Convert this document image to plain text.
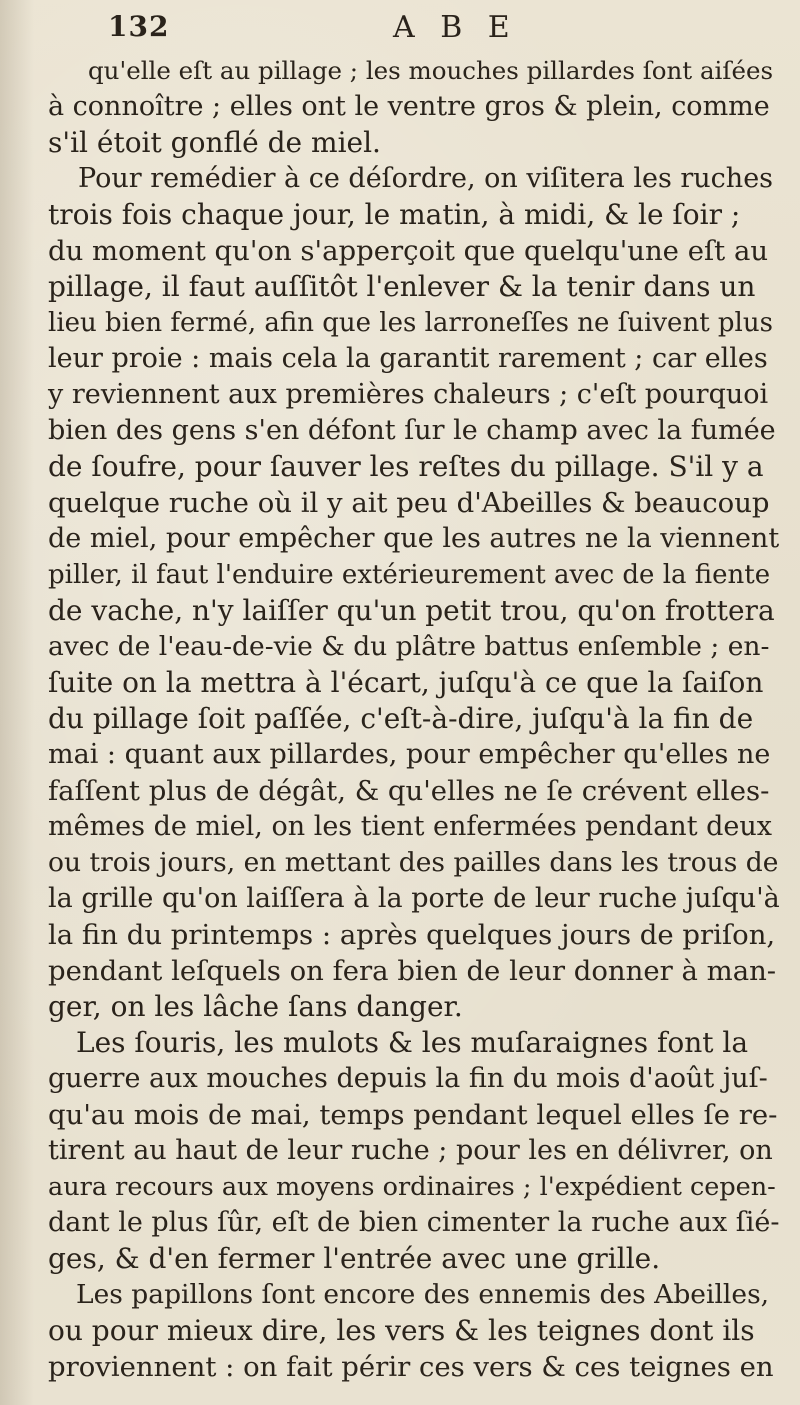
132	A B E
qu'elle eſt au pillage ; les mouches pillardes ſont aiſées
à connoître ; elles ont le ventre gros & plein, comme
s'il étoit gonflé de miel.
Pour remédier à ce déſordre, on viſitera les ruches
trois fois chaque jour, le matin, à midi, & le ſoir ;
du moment qu'on s'apperçoit que quelqu'une eſt au
pillage, il faut auſſitôt l'enlever & la tenir dans un
lieu bien fermé, afin que les larroneſſes ne ſuivent plus
leur proie : mais cela la garantit rarement ; car elles
y reviennent aux premières chaleurs ; c'eſt pourquoi
bien des gens s'en défont ſur le champ avec la fumée
de ſoufre, pour ſauver les reſtes du pillage. S'il y a
quelque ruche où il y ait peu d'Abeilles & beaucoup
de miel, pour empêcher que les autres ne la viennent
piller, il faut l'enduire extérieurement avec de la fiente
de vache, n'y laiſſer qu'un petit trou, qu'on frottera
avec de l'eau-de-vie & du plâtre battus enſemble ; en-
ſuite on la mettra à l'écart, juſqu'à ce que la ſaiſon
du pillage ſoit paſſée, c'eſt-à-dire, juſqu'à la fin de
mai : quant aux pillardes, pour empêcher qu'elles ne
faſſent plus de dégât, & qu'elles ne ſe crévent elles-
mêmes de miel, on les tient enfermées pendant deux
ou trois jours, en mettant des pailles dans les trous de
la grille qu'on laiſſera à la porte de leur ruche juſqu'à
la fin du printemps : après quelques jours de priſon,
pendant leſquels on fera bien de leur donner à man-
ger, on les lâche ſans danger.
Les ſouris, les mulots & les muſaraignes font la
guerre aux mouches depuis la fin du mois d'août juſ-
qu'au mois de mai, temps pendant lequel elles ſe re-
tirent au haut de leur ruche ; pour les en délivrer, on
aura recours aux moyens ordinaires ; l'expédient cepen-
dant le plus ſûr, eſt de bien cimenter la ruche aux ſié-
ges, & d'en fermer l'entrée avec une grille.
Les papillons ſont encore des ennemis des Abeilles,
ou pour mieux dire, les vers & les teignes dont ils
proviennent : on fait périr ces vers & ces teignes en
